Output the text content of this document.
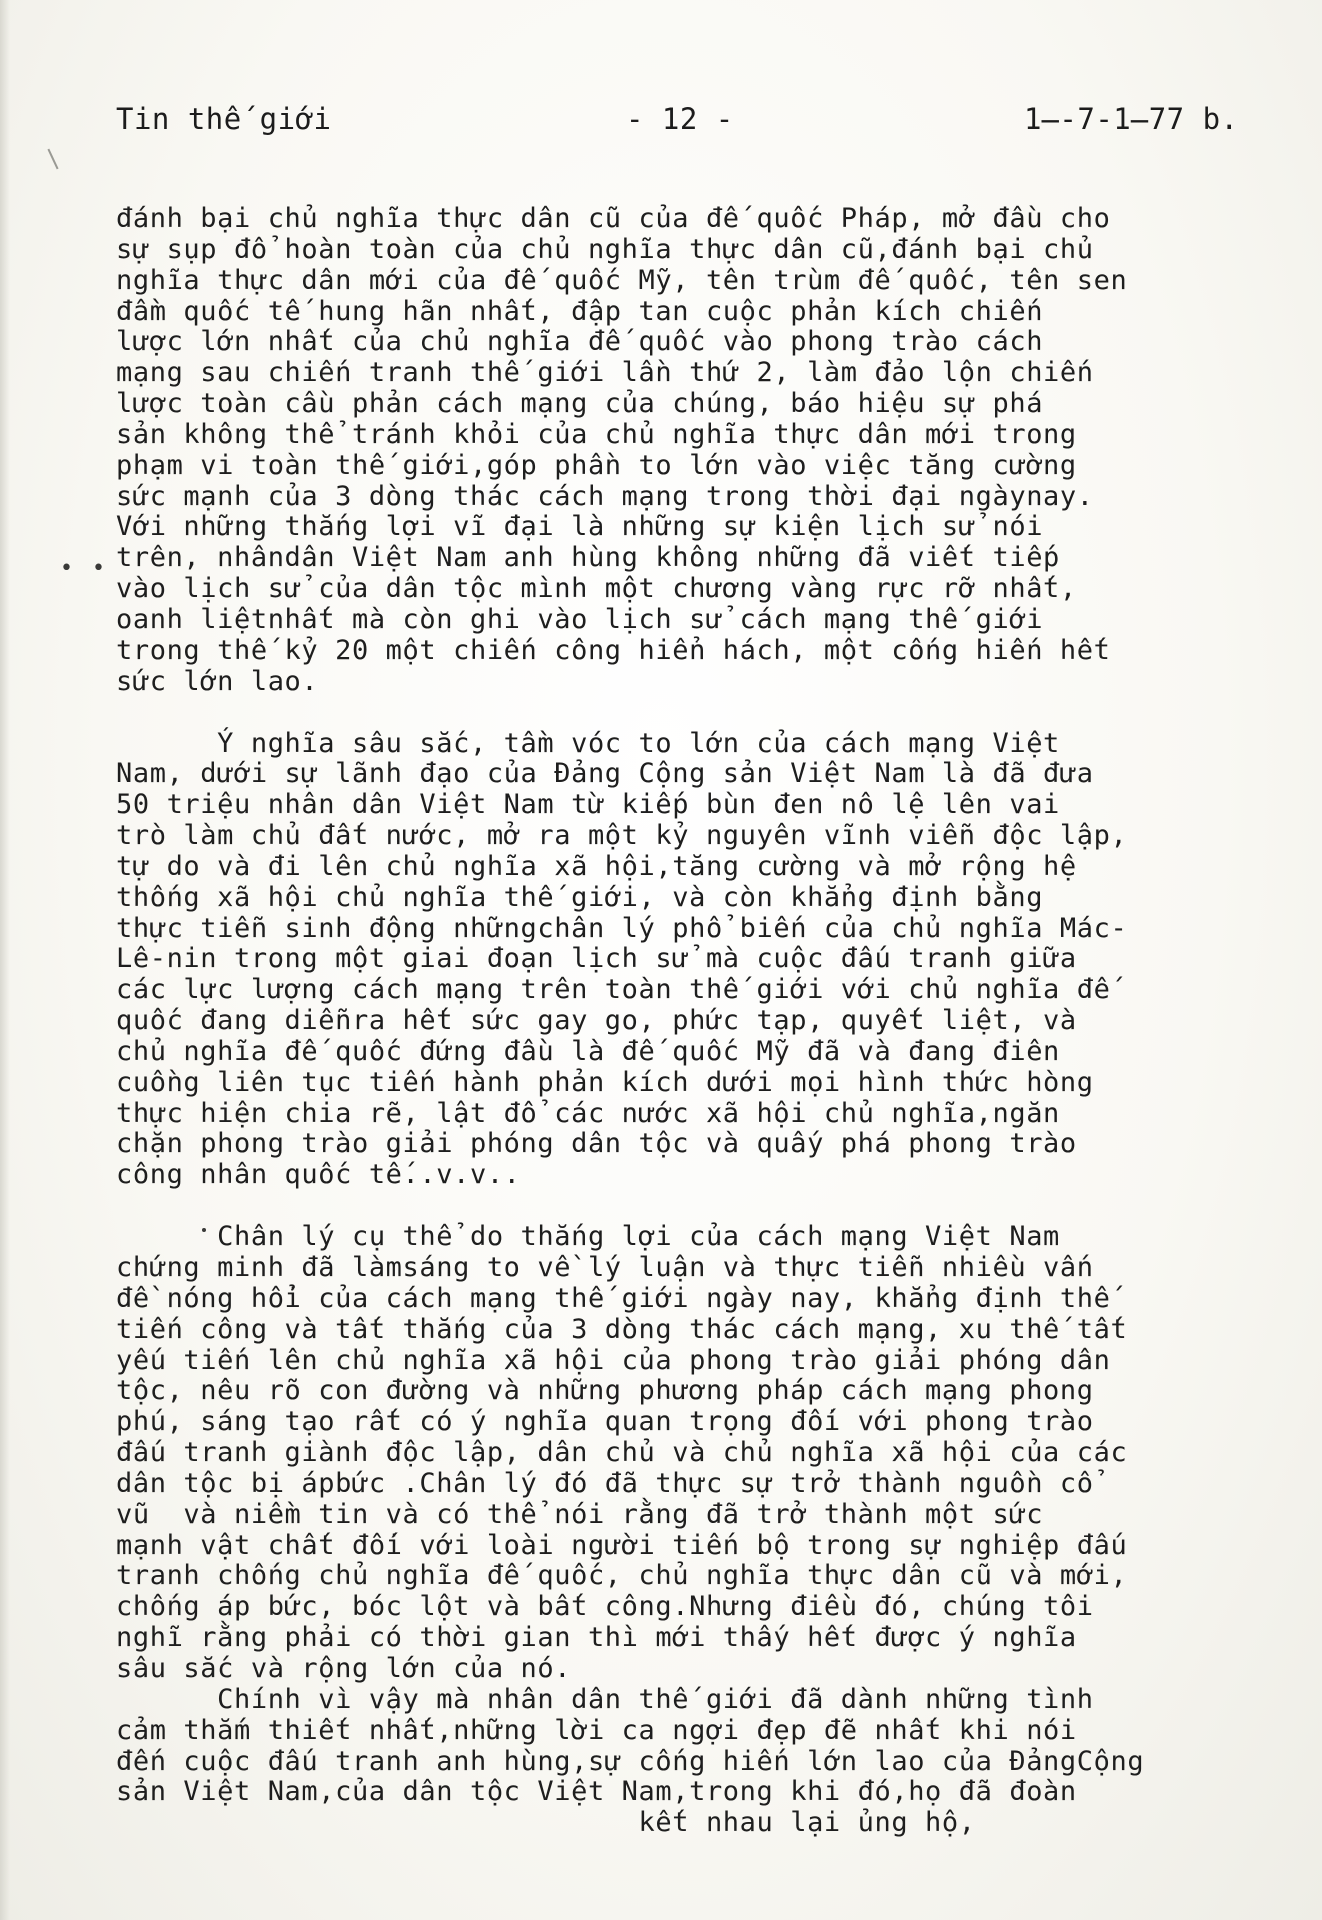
Tin thế giới	- 12 -	1̶-7-1̶77 b.
• •
đánh bại chủ nghĩa thực dân cũ của đế quốc Pháp, mở đầu cho
sự sụp đổ hoàn toàn của chủ nghĩa thực dân cũ,đánh bại chủ
nghĩa thực dân mới của đế quốc Mỹ, tên trùm đế quốc, tên sen
đầm quốc tế hung hãn nhất, đập tan cuộc phản kích chiến
lược lớn nhất của chủ nghĩa đế quốc vào phong trào cách
mạng sau chiến tranh thế giới lần thứ 2, làm đảo lộn chiến
lược toàn cầu phản cách mạng của chúng, báo hiệu sự phá
sản không thể tránh khỏi của chủ nghĩa thực dân mới trong
phạm vi toàn thế giới,góp phần to lớn vào việc tăng cường
sức mạnh của 3 dòng thác cách mạng trong thời đại ngàynay.
Với những thắng lợi vĩ đại là những sự kiện lịch sử nói
trên, nhândân Việt Nam anh hùng không những đã viết tiếp
vào lịch sử của dân tộc mình một chương vàng rực rỡ nhất,
oanh liệtnhất mà còn ghi vào lịch sử cách mạng thế giới
trong thế kỷ 20 một chiến công hiển hách, một cống hiến hết
sức lớn lao.
Ý nghĩa sâu sắc, tầm vóc to lớn của cách mạng Việt
Nam, dưới sự lãnh đạo của Đảng Cộng sản Việt Nam là đã đưa
50 triệu nhân dân Việt Nam từ kiếp bùn đen nô lệ lên vai
trò làm chủ đất nước, mở ra một kỷ nguyên vĩnh viễn độc lập,
tự do và đi lên chủ nghĩa xã hội,tăng cường và mở rộng hệ
thống xã hội chủ nghĩa thế giới, và còn khẳng định bằng
thực tiễn sinh động nhữngchân lý phổ biến của chủ nghĩa Mác-
Lê-nin trong một giai đoạn lịch sử mà cuộc đấu tranh giữa
các lực lượng cách mạng trên toàn thế giới với chủ nghĩa đế
quốc đang diễnra hết sức gay go, phức tạp, quyết liệt, và
chủ nghĩa đế quốc đứng đầu là đế quốc Mỹ đã và đang điên
cuồng liên tục tiến hành phản kích dưới mọi hình thức hòng
thực hiện chia rẽ, lật đổ các nước xã hội chủ nghĩa,ngăn
chặn phong trào giải phóng dân tộc và quấy phá phong trào
công nhân quốc tế..v.v..
Chân lý cụ thể do thắng lợi của cách mạng Việt Nam
chứng minh đã làmsáng to về lý luận và thực tiễn nhiều vấn
đề nóng hổi của cách mạng thế giới ngày nay, khẳng định thế
tiến công và tất thắng của 3 dòng thác cách mạng, xu thế tất
yếu tiến lên chủ nghĩa xã hội của phong trào giải phóng dân
tộc, nêu rõ con đường và những phương pháp cách mạng phong
phú, sáng tạo rất có ý nghĩa quan trọng đối với phong trào
đấu tranh giành độc lập, dân chủ và chủ nghĩa xã hội của các
dân tộc bị ápbức .Chân lý đó đã thực sự trở thành nguồn cổ
vũ  và niềm tin và có thể nói rằng đã trở thành một sức
mạnh vật chất đối với loài người tiến bộ trong sự nghiệp đấu
tranh chống chủ nghĩa đế quốc, chủ nghĩa thực dân cũ và mới,
chống áp bức, bóc lột và bất công.Nhưng điều đó, chúng tôi
nghĩ rằng phải có thời gian thì mới thấy hết được ý nghĩa
sâu sắc và rộng lớn của nó.
Chính vì vậy mà nhân dân thế giới đã dành những tình
cảm thắm thiết nhất,những lời ca ngợi đẹp đẽ nhất khi nói
đến cuộc đấu tranh anh hùng,sự cống hiến lớn lao của ĐảngCộng
sản Việt Nam,của dân tộc Việt Nam,trong khi đó,họ đã đoàn
kết nhau lại ủng hộ,
